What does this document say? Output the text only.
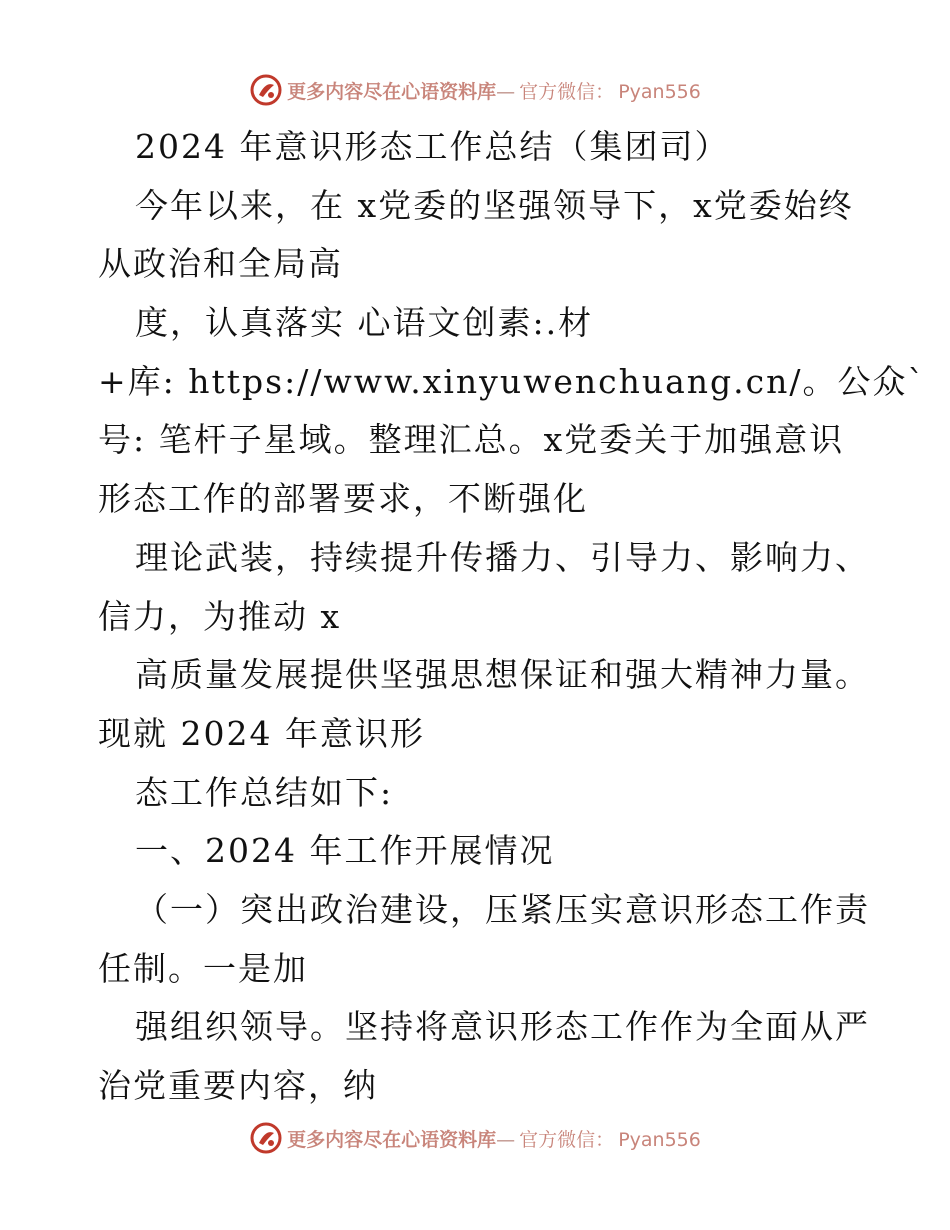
更多内容尽在心语资料库— 官方微信： Pyan556
2024 年意识形态工作总结（集团司）
今年以来，在 x党委的坚强领导下，x党委始终
从政治和全局高
度，认真落实 心语文创素:.材
+库: https://www.xinyuwenchuang.cn/。公众`
号: 笔杆子星域。整理汇总。x党委关于加强意识
形态工作的部署要求，不断强化
理论武装，持续提升传播力、引导力、影响力、
信力，为推动 x
高质量发展提供坚强思想保证和强大精神力量。
现就 2024 年意识形
态工作总结如下:
一、2024 年工作开展情况
（一）突出政治建设，压紧压实意识形态工作责
任制。一是加
强组织领导。坚持将意识形态工作作为全面从严
治党重要内容，纳
更多内容尽在心语资料库— 官方微信： Pyan556
